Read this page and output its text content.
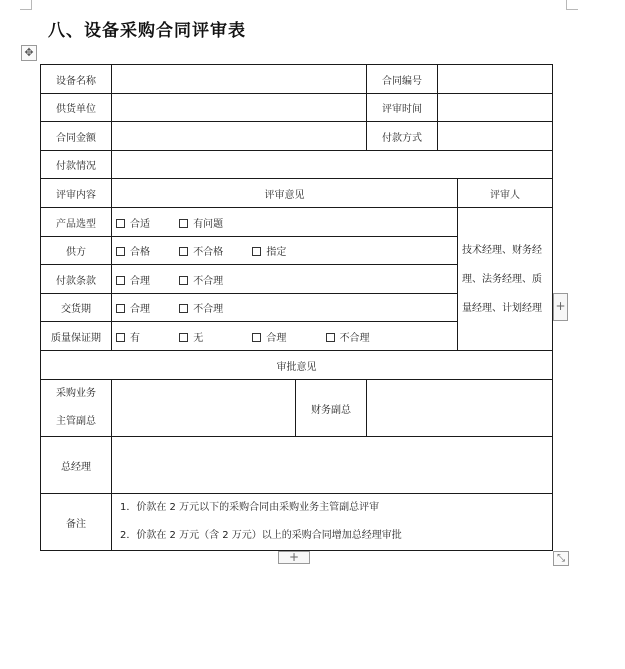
八、设备采购合同评审表
✥
设备名称			合同编号		
供货单位			评审时间		
合同金额			付款方式		
付款情况					
评审内容	评审意见				评审人
产品选型	合适 有问题				技术经理、财务经理、法务经理、质量经理、计划经理
供方	合格 不合格 指定				
付款条款	合理 不合理				
交货期	合理 不合理				
质量保证期	有 无 合理 不合理				
审批意见					

采购业务
主管副总		财务副总			
总经理					
备注	1．价款在 2 万元以下的采购合同由采购业务主管副总评审
2．价款在 2 万元（含 2 万元）以上的采购合同增加总经理审批				
+
+
⤡
